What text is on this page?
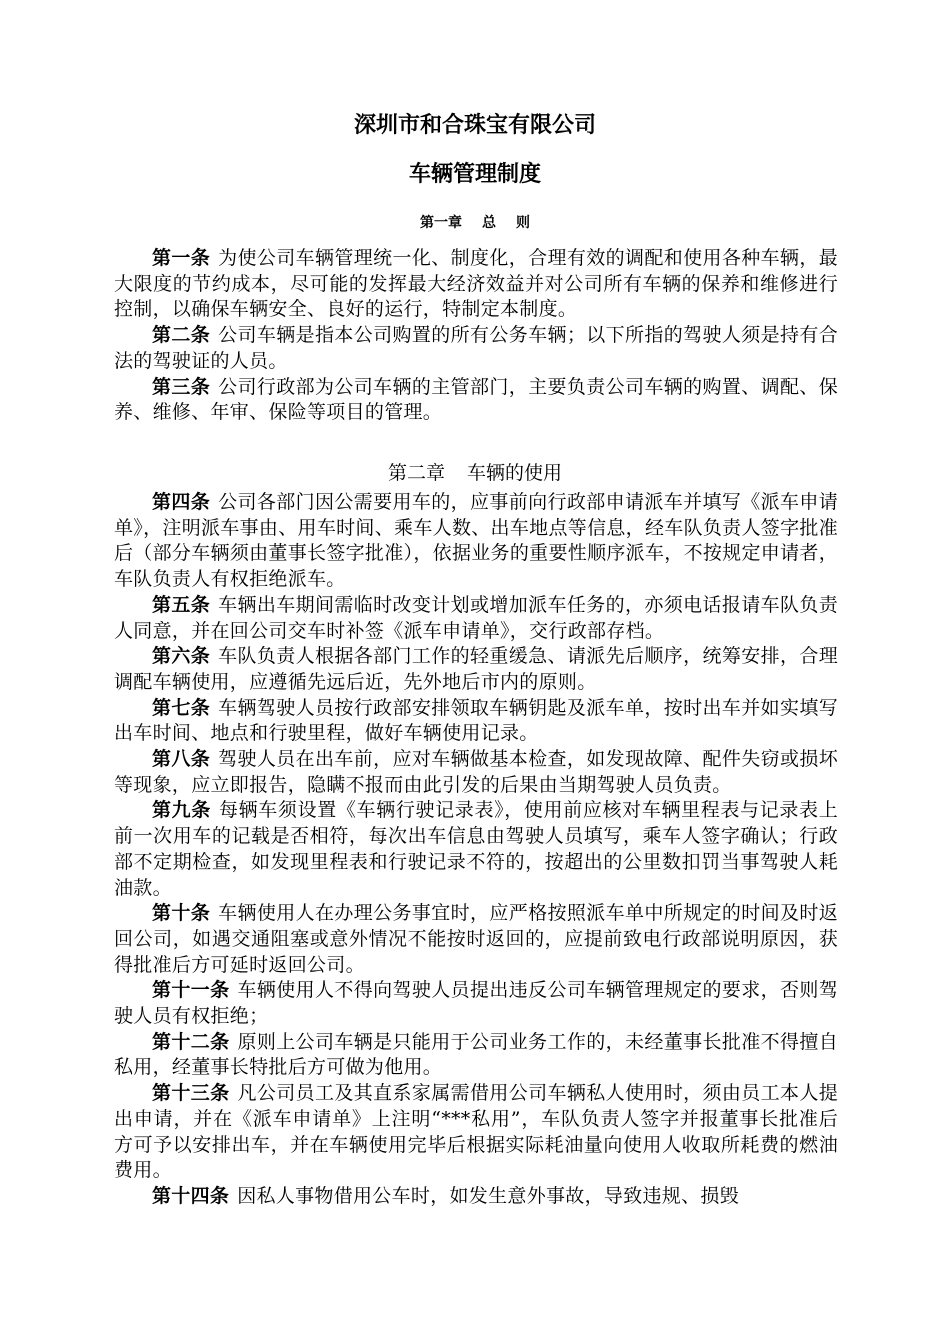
深圳市和合珠宝有限公司
车辆管理制度
第一章 总 则

第一条 为使公司车辆管理统一化、制度化，合理有效的调配和使用各种车辆，最大限度的节约成本，尽可能的发挥最大经济效益并对公司所有车辆的保养和维修进行控制，以确保车辆安全、良好的运行，特制定本制度。

第二条 公司车辆是指本公司购置的所有公务车辆；以下所指的驾驶人须是持有合法的驾驶证的人员。

第三条 公司行政部为公司车辆的主管部门，主要负责公司车辆的购置、调配、保养、维修、年审、保险等项目的管理。

第二章 车辆的使用

第四条 公司各部门因公需要用车的，应事前向行政部申请派车并填写《派车申请单》，注明派车事由、用车时间、乘车人数、出车地点等信息，经车队负责人签字批准后（部分车辆须由董事长签字批准），依据业务的重要性顺序派车，不按规定申请者，车队负责人有权拒绝派车。

第五条 车辆出车期间需临时改变计划或增加派车任务的，亦须电话报请车队负责人同意，并在回公司交车时补签《派车申请单》，交行政部存档。

第六条 车队负责人根据各部门工作的轻重缓急、请派先后顺序，统筹安排，合理调配车辆使用，应遵循先远后近，先外地后市内的原则。

第七条 车辆驾驶人员按行政部安排领取车辆钥匙及派车单，按时出车并如实填写出车时间、地点和行驶里程，做好车辆使用记录。

第八条 驾驶人员在出车前，应对车辆做基本检查，如发现故障、配件失窃或损坏等现象，应立即报告，隐瞒不报而由此引发的后果由当期驾驶人员负责。

第九条 每辆车须设置《车辆行驶记录表》，使用前应核对车辆里程表与记录表上前一次用车的记载是否相符，每次出车信息由驾驶人员填写，乘车人签字确认；行政部不定期检查，如发现里程表和行驶记录不符的，按超出的公里数扣罚当事驾驶人耗油款。

第十条 车辆使用人在办理公务事宜时，应严格按照派车单中所规定的时间及时返回公司，如遇交通阻塞或意外情况不能按时返回的，应提前致电行政部说明原因，获得批准后方可延时返回公司。

第十一条 车辆使用人不得向驾驶人员提出违反公司车辆管理规定的要求，否则驾驶人员有权拒绝；

第十二条 原则上公司车辆是只能用于公司业务工作的，未经董事长批准不得擅自私用，经董事长特批后方可做为他用。

第十三条 凡公司员工及其直系家属需借用公司车辆私人使用时，须由员工本人提出申请，并在《派车申请单》上注明“***私用”，车队负责人签字并报董事长批准后方可予以安排出车，并在车辆使用完毕后根据实际耗油量向使用人收取所耗费的燃油费用。

第十四条 因私人事物借用公车时，如发生意外事故，导致违规、损毁
